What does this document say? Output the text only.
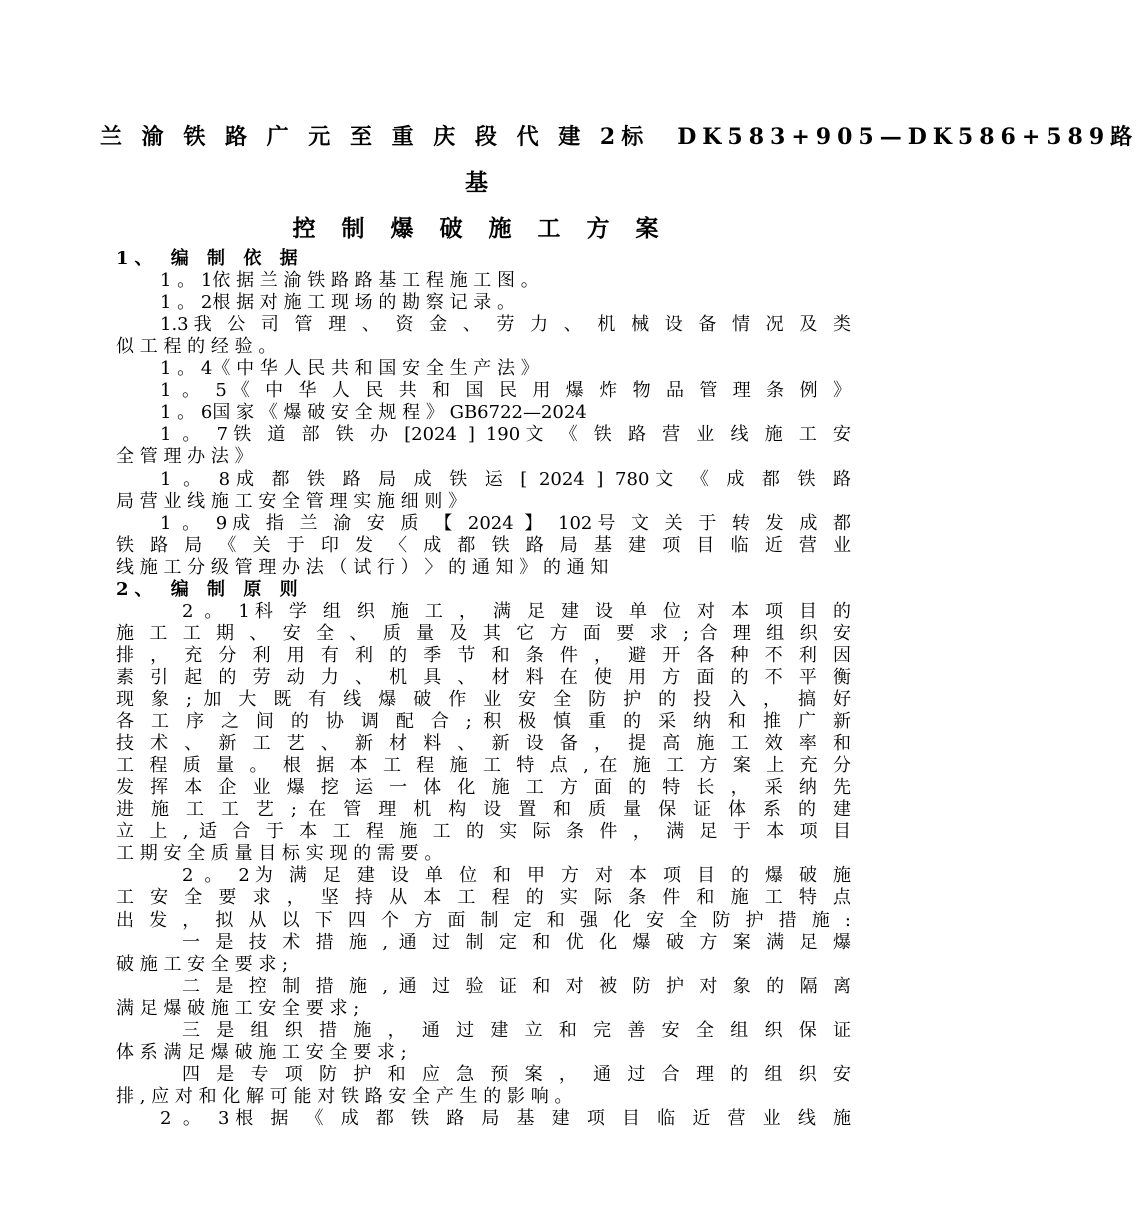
兰 渝 铁 路 广 元 至 重 庆 段 代 建 2标　DK583+905—DK586+589路
基
控 制 爆 破 施 工 方 案
1、 编 制 依 据
1 。 1依 据 兰 渝 铁 路 路 基 工 程 施 工 图 。
1 。 2根 据 对 施 工 现 场 的 勘 察 记 录 。
1.3我 公 司 管 理 、 资 金 、 劳 力 、 机 械 设 备 情 况 及 类
似 工 程 的 经 验 。
1 。 4《 中 华 人 民 共 和 国 安 全 生 产 法 》
1 。 5《 中 华 人 民 共 和 国 民 用 爆 炸 物 品 管 理 条 例 》
1 。 6国 家 《 爆 破 安 全 规 程 》 GB6722—2024
1 。 7铁 道 部 铁 办 [2024 ] 190文 《 铁 路 营 业 线 施 工 安
全 管 理 办 法 》
1 。 8成 都 铁 路 局 成 铁 运 [ 2024 ] 780文 《 成 都 铁 路
局 营 业 线 施 工 安 全 管 理 实 施 细 则 》
1 。 9成 指 兰 渝 安 质 【 2024 】 102号 文 关 于 转 发 成 都
铁 路 局 《 关 于 印 发 〈 成 都 铁 路 局 基 建 项 目 临 近 营 业
线 施 工 分 级 管 理 办 法 （ 试 行 ） 〉 的 通 知 》 的 通 知
2、 编 制 原 则
2 。 1科 学 组 织 施 工 ， 满 足 建 设 单 位 对 本 项 目 的
施 工 工 期 、 安 全 、 质 量 及 其 它 方 面 要 求 ; 合 理 组 织 安
排 ， 充 分 利 用 有 利 的 季 节 和 条 件 ， 避 开 各 种 不 利 因
素 引 起 的 劳 动 力 、 机 具 、 材 料 在 使 用 方 面 的 不 平 衡
现 象 ; 加 大 既 有 线 爆 破 作 业 安 全 防 护 的 投 入 ， 搞 好
各 工 序 之 间 的 协 调 配 合 ; 积 极 慎 重 的 采 纳 和 推 广 新
技 术 、 新 工 艺 、 新 材 料 、 新 设 备 ， 提 高 施 工 效 率 和
工 程 质 量 。 根 据 本 工 程 施 工 特 点 , 在 施 工 方 案 上 充 分
发 挥 本 企 业 爆 挖 运 一 体 化 施 工 方 面 的 特 长 ， 采 纳 先
进 施 工 工 艺 ; 在 管 理 机 构 设 置 和 质 量 保 证 体 系 的 建
立 上 , 适 合 于 本 工 程 施 工 的 实 际 条 件 ， 满 足 于 本 项 目
工 期 安 全 质 量 目 标 实 现 的 需 要 。
2 。 2为 满 足 建 设 单 位 和 甲 方 对 本 项 目 的 爆 破 施
工 安 全 要 求 ， 坚 持 从 本 工 程 的 实 际 条 件 和 施 工 特 点
出 发 ， 拟 从 以 下 四 个 方 面 制 定 和 强 化 安 全 防 护 措 施 :
一 是 技 术 措 施 , 通 过 制 定 和 优 化 爆 破 方 案 满 足 爆
破 施 工 安 全 要 求 ;
二 是 控 制 措 施 , 通 过 验 证 和 对 被 防 护 对 象 的 隔 离
满 足 爆 破 施 工 安 全 要 求 ;
三 是 组 织 措 施 ， 通 过 建 立 和 完 善 安 全 组 织 保 证
体 系 满 足 爆 破 施 工 安 全 要 求 ;
四 是 专 项 防 护 和 应 急 预 案 ， 通 过 合 理 的 组 织 安
排 , 应 对 和 化 解 可 能 对 铁 路 安 全 产 生 的 影 响 。
2 。 3根 据 《 成 都 铁 路 局 基 建 项 目 临 近 营 业 线 施
